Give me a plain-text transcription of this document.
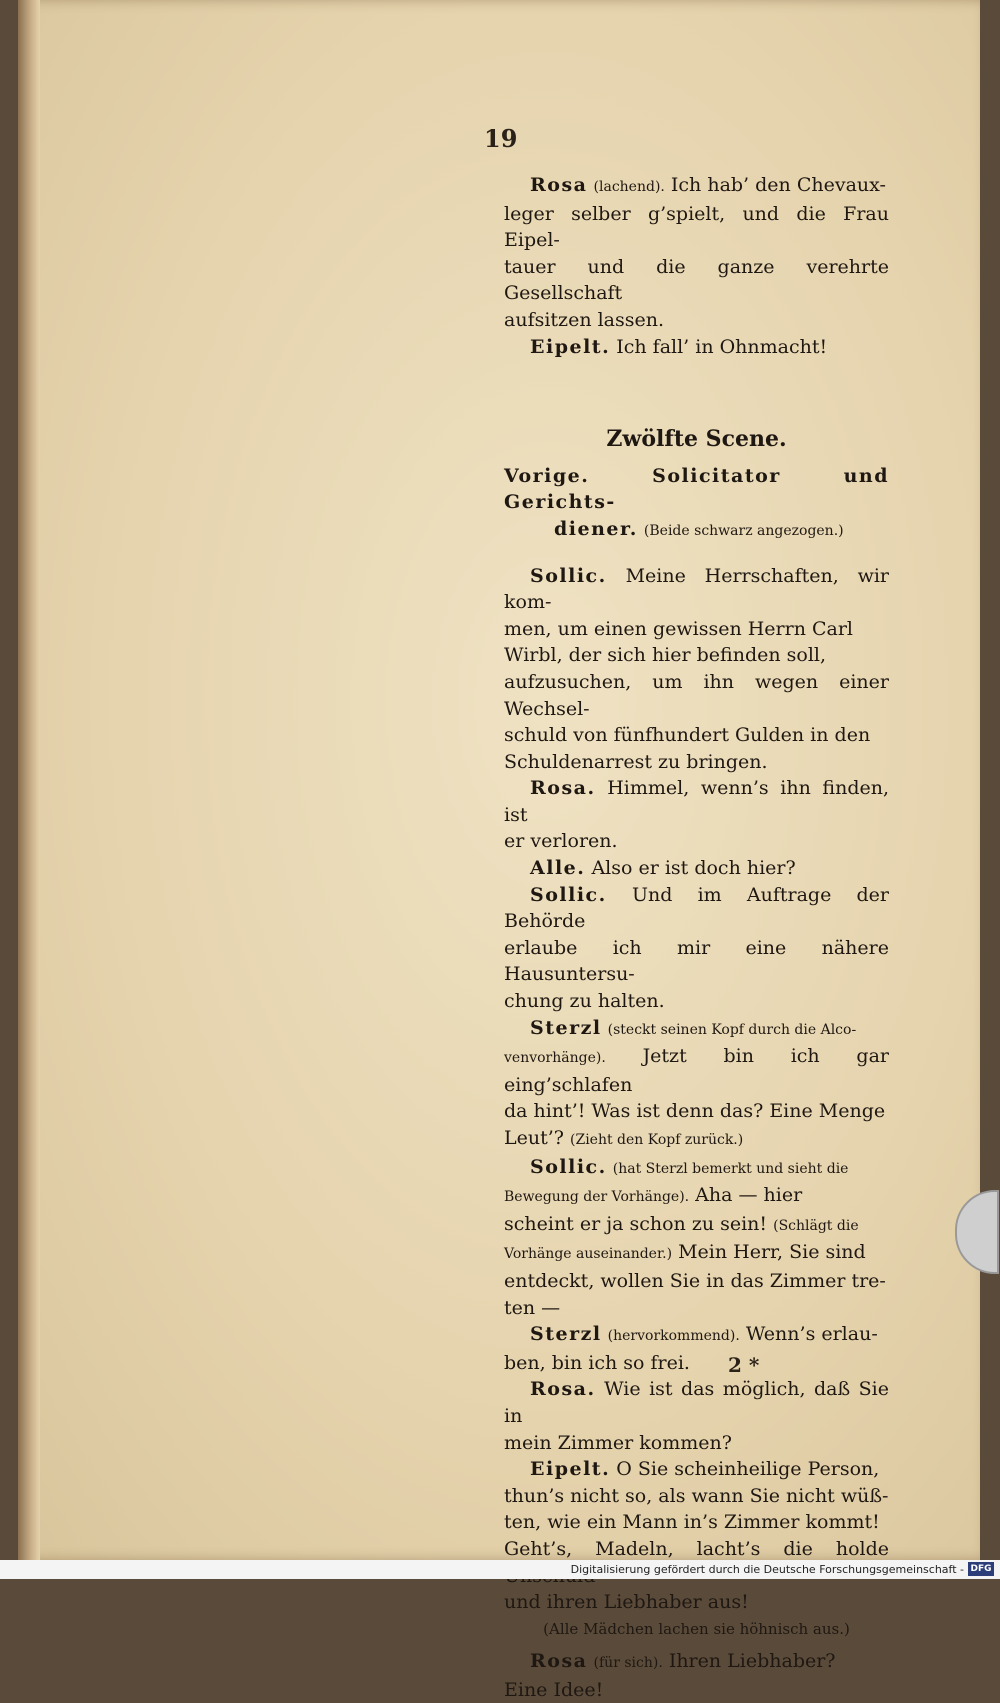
19

Rosa (lachend). Ich hab’ den Chevaux-

leger selber g’spielt, und die Frau Eipel-

tauer und die ganze verehrte Gesellschaft

aufsitzen lassen.

Eipelt. Ich fall’ in Ohnmacht!

Zwölfte Scene.

Vorige. Solicitator und Gerichts-

diener. (Beide schwarz angezogen.)

Sollic. Meine Herrschaften, wir kom-

men, um einen gewissen Herrn Carl

Wirbl, der sich hier befinden soll,

aufzusuchen, um ihn wegen einer Wechsel-

schuld von fünfhundert Gulden in den

Schuldenarrest zu bringen.

Rosa. Himmel, wenn’s ihn finden, ist

er verloren.

Alle. Also er ist doch hier?

Sollic. Und im Auftrage der Behörde

erlaube ich mir eine nähere Hausuntersu-

chung zu halten.

Sterzl (steckt seinen Kopf durch die Alco-

venvorhänge). Jetzt bin ich gar eing’schlafen

da hint’! Was ist denn das? Eine Menge

Leut’? (Zieht den Kopf zurück.)

Sollic. (hat Sterzl bemerkt und sieht die

Bewegung der Vorhänge). Aha — hier

scheint er ja schon zu sein! (Schlägt die

Vorhänge auseinander.) Mein Herr, Sie sind

entdeckt, wollen Sie in das Zimmer tre-

ten —

Sterzl (hervorkommend). Wenn’s erlau-

ben, bin ich so frei.

Rosa. Wie ist das möglich, daß Sie in

mein Zimmer kommen?

Eipelt. O Sie scheinheilige Person,

thun’s nicht so, als wann Sie nicht wüß-

ten, wie ein Mann in’s Zimmer kommt!

Geht’s, Madeln, lacht’s die holde

und ihren Liebhaber aus!

(Alle Mädchen lachen sie höhnisch aus.)

Rosa (für sich). Ihren Liebhaber?

Eine Idee!

2 *
Digitalisierung gefördert durch die Deutsche Forschungsgemeinschaft - DFG
